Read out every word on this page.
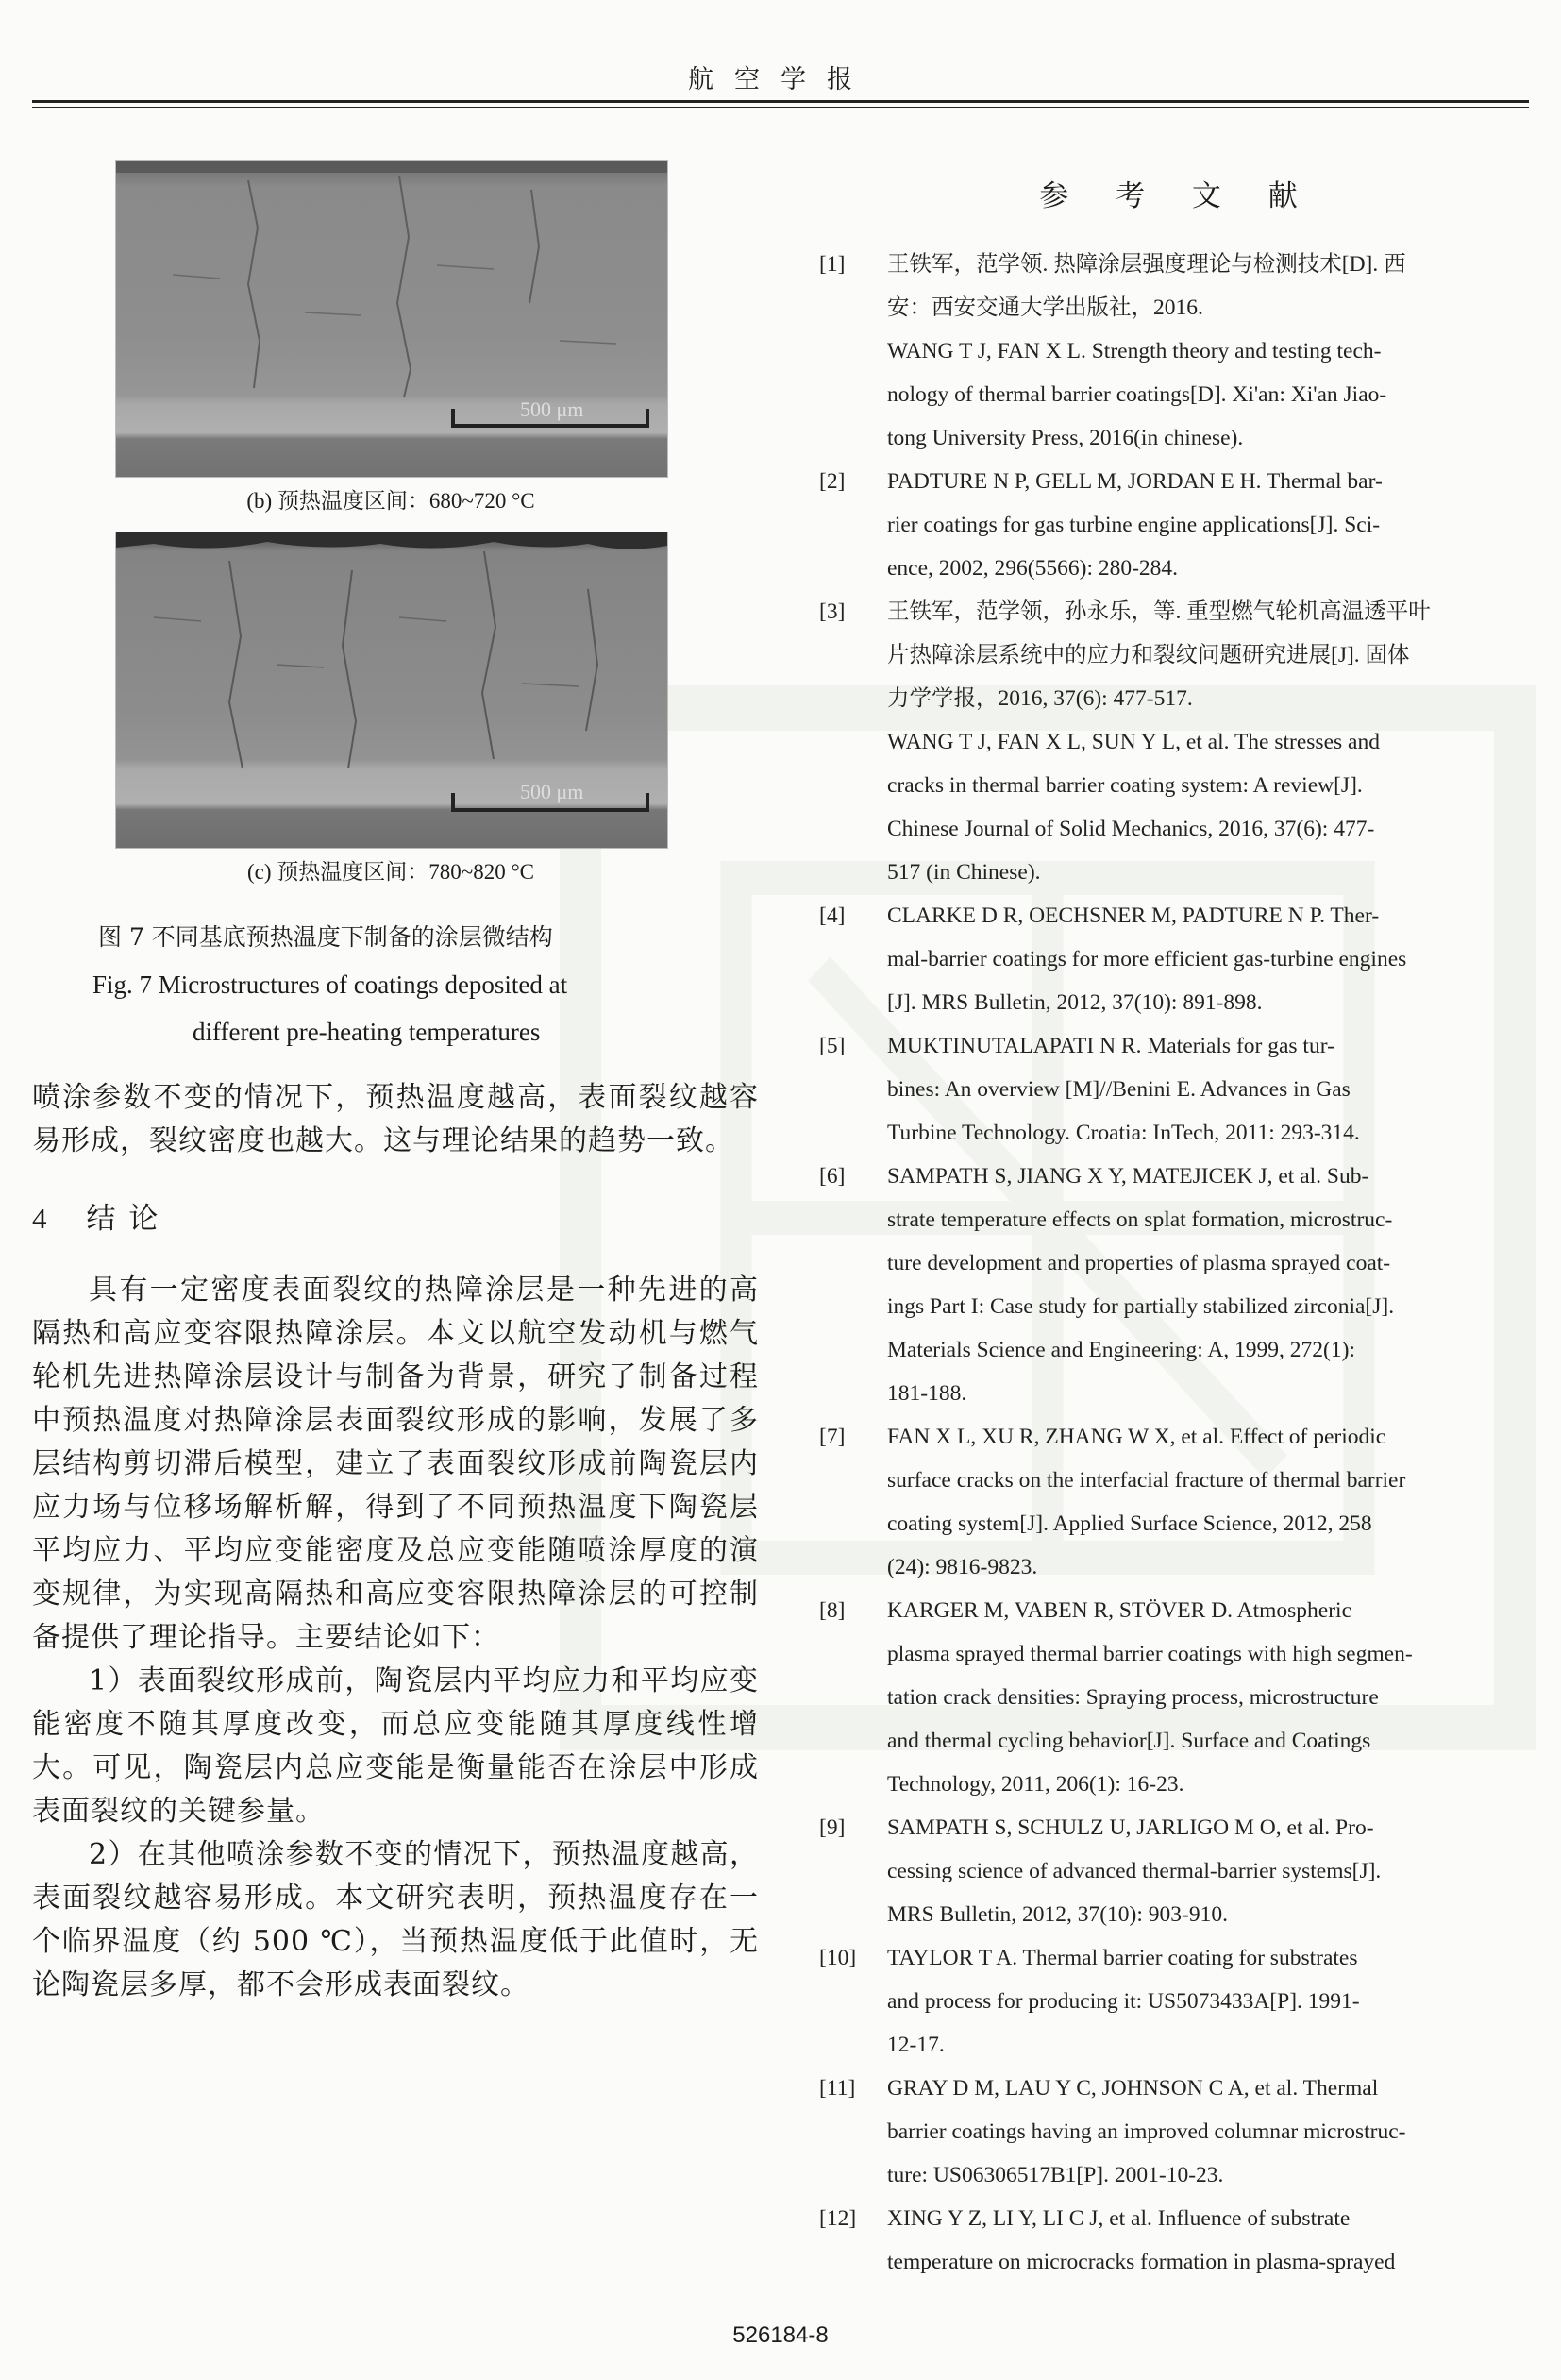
航空学报
500 μm
(b) 预热温度区间：680~720 °C
500 μm
(c) 预热温度区间：780~820 °C
图 7 不同基底预热温度下制备的涂层微结构
Fig. 7 Microstructures of coatings deposited at
different pre-heating temperatures

喷涂参数不变的情况下，预热温度越高，表面裂纹越容易形成，裂纹密度也越大。这与理论结果的趋势一致。

4 结 论

具有一定密度表面裂纹的热障涂层是一种先进的高隔热和高应变容限热障涂层。本文以航空发动机与燃气轮机先进热障涂层设计与制备为背景，研究了制备过程中预热温度对热障涂层表面裂纹形成的影响，发展了多层结构剪切滞后模型，建立了表面裂纹形成前陶瓷层内应力场与位移场解析解，得到了不同预热温度下陶瓷层平均应力、平均应变能密度及总应变能随喷涂厚度的演变规律，为实现高隔热和高应变容限热障涂层的可控制备提供了理论指导。主要结论如下：

1）表面裂纹形成前，陶瓷层内平均应力和平均应变能密度不随其厚度改变，而总应变能随其厚度线性增大。可见，陶瓷层内总应变能是衡量能否在涂层中形成表面裂纹的关键参量。

2）在其他喷涂参数不变的情况下，预热温度越高，表面裂纹越容易形成。本文研究表明，预热温度存在一个临界温度（约 500 ℃），当预热温度低于此值时，无论陶瓷层多厚，都不会形成表面裂纹。

参 考 文 献
[1]	王铁军，范学领. 热障涂层强度理论与检测技术[D]. 西
安：西安交通大学出版社，2016.
WANG T J, FAN X L. Strength theory and testing tech-
nology of thermal barrier coatings[D]. Xi'an: Xi'an Jiao-
tong University Press, 2016(in chinese).
[2]	PADTURE N P, GELL M, JORDAN E H. Thermal bar-
rier coatings for gas turbine engine applications[J]. Sci-
ence, 2002, 296(5566): 280-284.
[3]	王铁军，范学领，孙永乐，等. 重型燃气轮机高温透平叶
片热障涂层系统中的应力和裂纹问题研究进展[J]. 固体
力学学报，2016, 37(6): 477-517.
WANG T J, FAN X L, SUN Y L, et al. The stresses and
cracks in thermal barrier coating system: A review[J].
Chinese Journal of Solid Mechanics, 2016, 37(6): 477-
517 (in Chinese).
[4]	CLARKE D R, OECHSNER M, PADTURE N P. Ther-
mal-barrier coatings for more efficient gas-turbine engines
[J]. MRS Bulletin, 2012, 37(10): 891-898.
[5]	MUKTINUTALAPATI N R. Materials for gas tur-
bines: An overview [M]//Benini E. Advances in Gas
Turbine Technology. Croatia: InTech, 2011: 293-314.
[6]	SAMPATH S, JIANG X Y, MATEJICEK J, et al. Sub-
strate temperature effects on splat formation, microstruc-
ture development and properties of plasma sprayed coat-
ings Part I: Case study for partially stabilized zirconia[J].
Materials Science and Engineering: A, 1999, 272(1):
181-188.
[7]	FAN X L, XU R, ZHANG W X, et al. Effect of periodic
surface cracks on the interfacial fracture of thermal barrier
coating system[J]. Applied Surface Science, 2012, 258
(24): 9816-9823.
[8]	KARGER M, VABEN R, STÖVER D. Atmospheric
plasma sprayed thermal barrier coatings with high segmen-
tation crack densities: Spraying process, microstructure
and thermal cycling behavior[J]. Surface and Coatings
Technology, 2011, 206(1): 16-23.
[9]	SAMPATH S, SCHULZ U, JARLIGO M O, et al. Pro-
cessing science of advanced thermal-barrier systems[J].
MRS Bulletin, 2012, 37(10): 903-910.
[10]	TAYLOR T A. Thermal barrier coating for substrates
and process for producing it: US5073433A[P]. 1991-
12-17.
[11]	GRAY D M, LAU Y C, JOHNSON C A, et al. Thermal
barrier coatings having an improved columnar microstruc-
ture: US06306517B1[P]. 2001-10-23.
[12]	XING Y Z, LI Y, LI C J, et al. Influence of substrate
temperature on microcracks formation in plasma-sprayed
526184-8
